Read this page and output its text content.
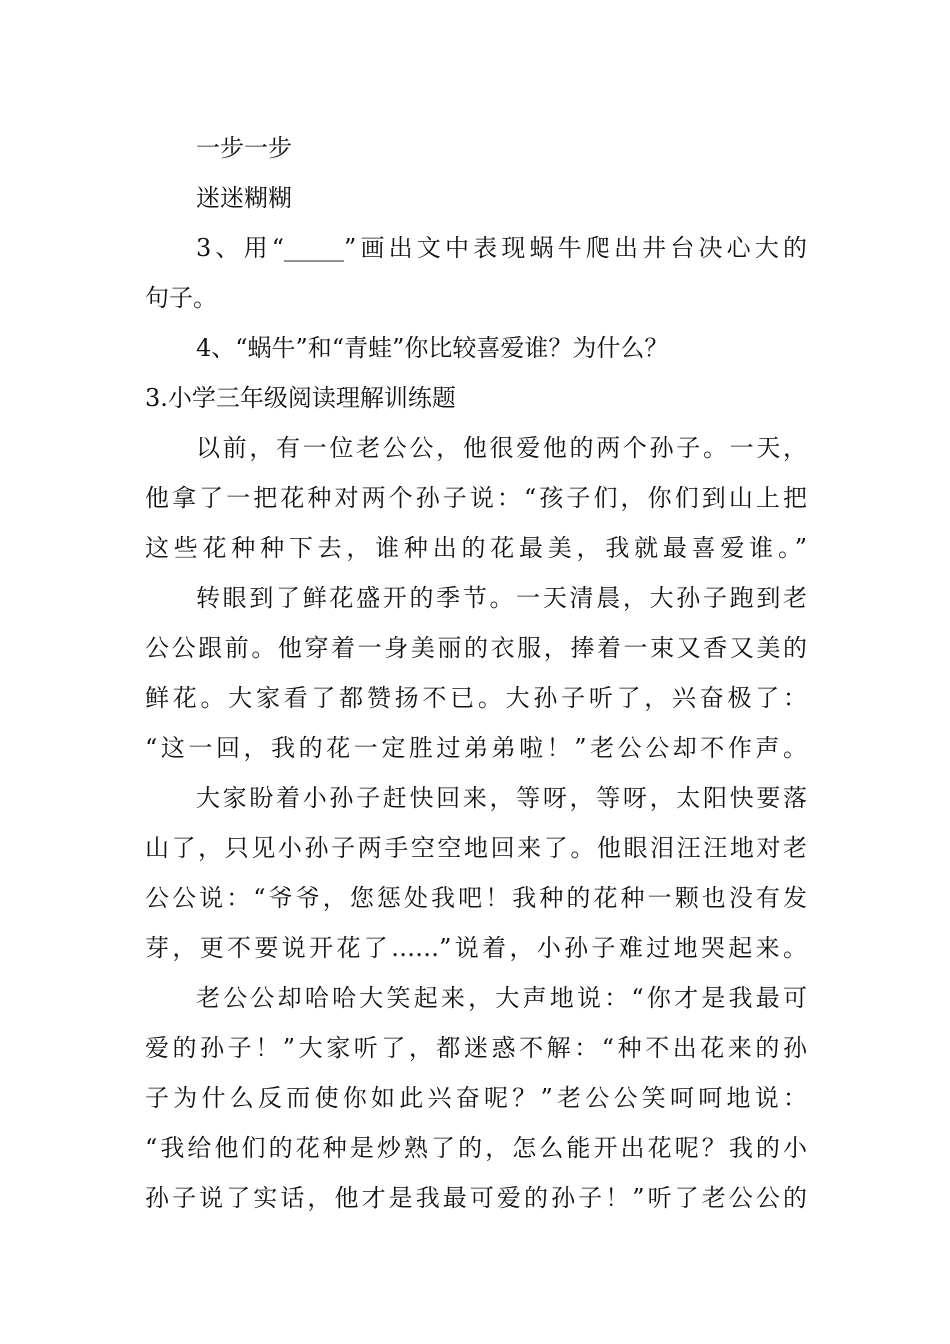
一步一步
迷迷糊糊
3、用“_____”画出文中表现蜗牛爬出井台决心大的
句子。
4、“蜗牛”和“青蛙”你比较喜爱谁？为什么？
3.小学三年级阅读理解训练题
以前，有一位老公公，他很爱他的两个孙子。一天，
他拿了一把花种对两个孙子说：“孩子们，你们到山上把
这些花种种下去，谁种出的花最美，我就最喜爱谁。”
转眼到了鲜花盛开的季节。一天清晨，大孙子跑到老
公公跟前。他穿着一身美丽的衣服，捧着一束又香又美的
鲜花。大家看了都赞扬不已。大孙子听了，兴奋极了：
“这一回，我的花一定胜过弟弟啦！”老公公却不作声。
大家盼着小孙子赶快回来，等呀，等呀，太阳快要落
山了，只见小孙子两手空空地回来了。他眼泪汪汪地对老
公公说：“爷爷，您惩处我吧！我种的花种一颗也没有发
芽，更不要说开花了……”说着，小孙子难过地哭起来。
老公公却哈哈大笑起来，大声地说：“你才是我最可
爱的孙子！”大家听了，都迷惑不解：“种不出花来的孙
子为什么反而使你如此兴奋呢？”老公公笑呵呵地说：
“我给他们的花种是炒熟了的，怎么能开出花呢？我的小
孙子说了实话，他才是我最可爱的孙子！”听了老公公的
